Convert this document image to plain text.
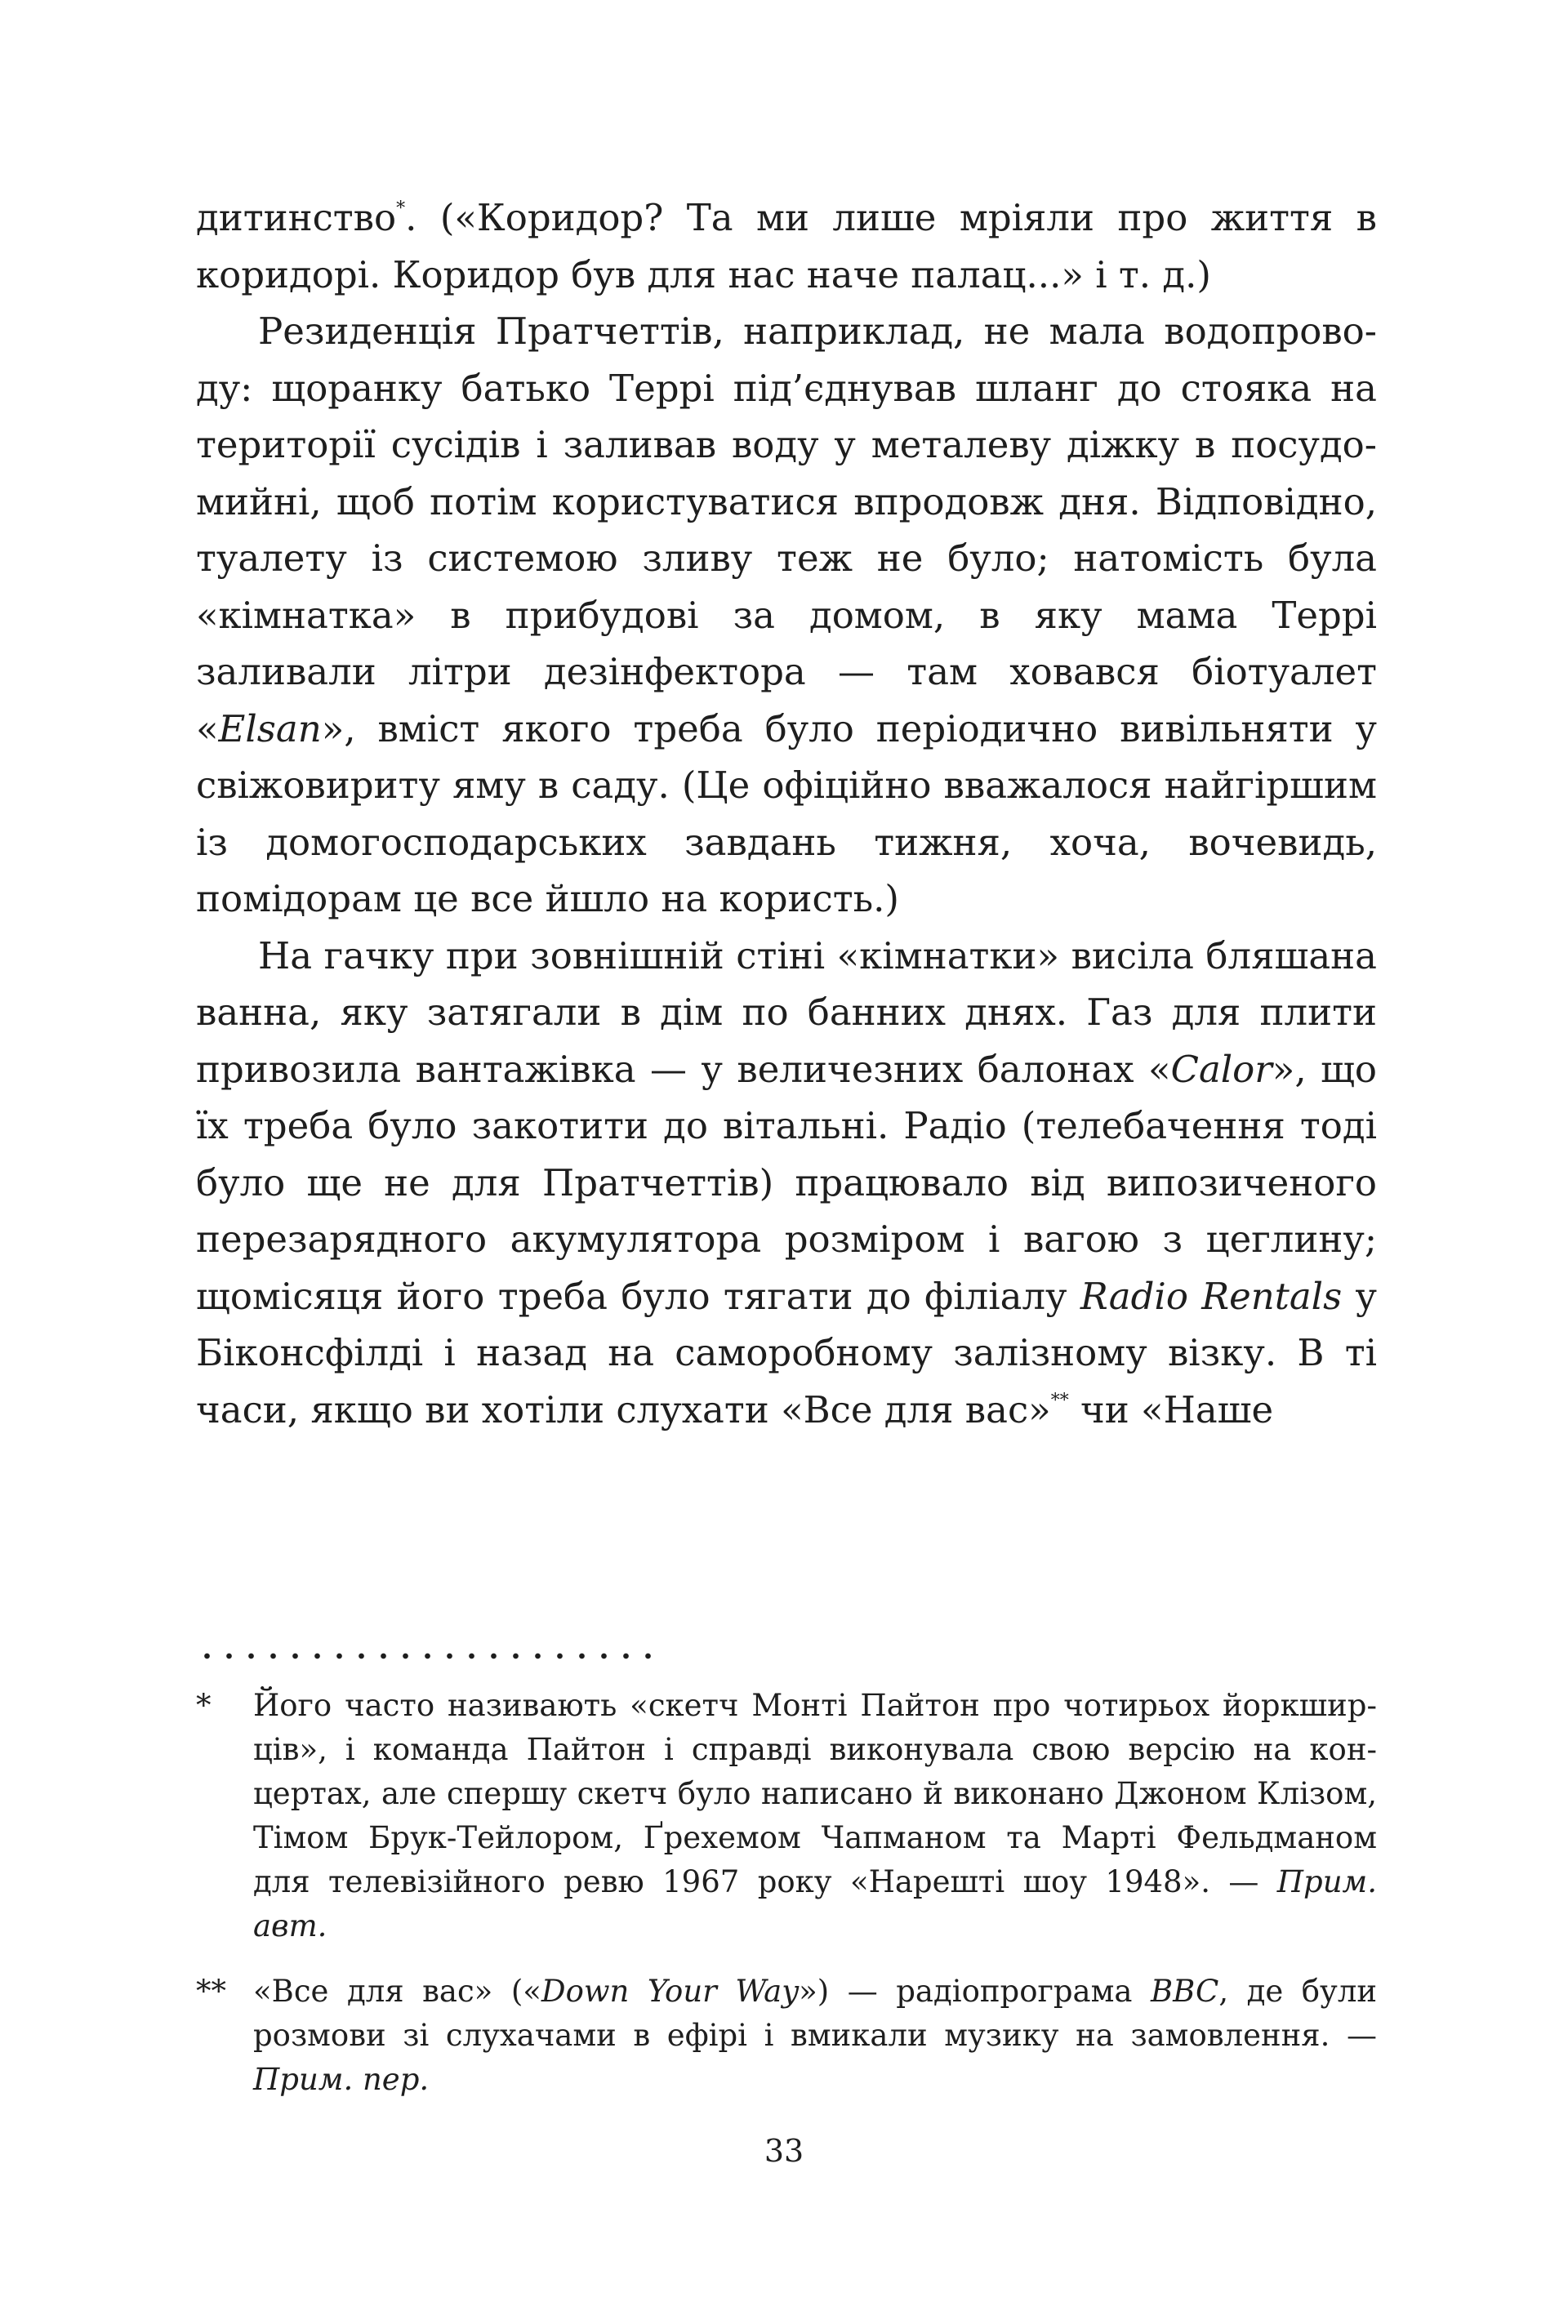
дитинство*. («Коридор? Та ми лише мріяли про життя в коридорі. Коридор був для нас наче палац...» і т. д.)

Резиденція Пратчеттів, наприклад, не мала водопроводу: щоранку батько Террі під’єднував шланг до стояка на території сусідів і заливав воду у металеву діжку в посудомийні, щоб потім користуватися впродовж дня. Відповідно, туалету із системою зливу теж не було; натомість була «кімнатка» в прибудові за домом, в яку мама Террі заливали літри дезінфектора — там ховався біотуалет «Elsan», вміст якого треба було періодично вивільняти у свіжовириту яму в саду. (Це офіційно вважалося найгіршим із домогосподарських завдань тижня, хоча, вочевидь, помідорам це все йшло на користь.)

На гачку при зовнішній стіні «кімнатки» висіла бляшана ванна, яку затягали в дім по банних днях. Газ для плити привозила вантажівка — у величезних балонах «Calor», що їх треба було закотити до вітальні. Радіо (телебачення тоді було ще не для Пратчеттів) працювало від випозиченого перезарядного акумулятора розміром і вагою з цеглину; щомісяця його треба було тягати до філіалу Radio Rentals у Біконсфілді і назад на саморобному залізному візку. В ті часи, якщо ви хотіли слухати «Все для вас»** чи «Наше

* Його часто називають «скетч Монті Пайтон про чотирьох йоркширців», і команда Пайтон і справді виконувала свою версію на концертах, але спершу скетч було написано й виконано Джоном Клізом, Тімом Брук-Тейлором, Ґрехемом Чапманом та Марті Фельдманом для телевізійного ревю 1967 року «Нарешті шоу 1948». — Прим. авт.
** «Все для вас» («Down Your Way») — радіопрограма BBC, де були розмови зі слухачами в ефірі і вмикали музику на замовлення. — Прим. пер.
33
